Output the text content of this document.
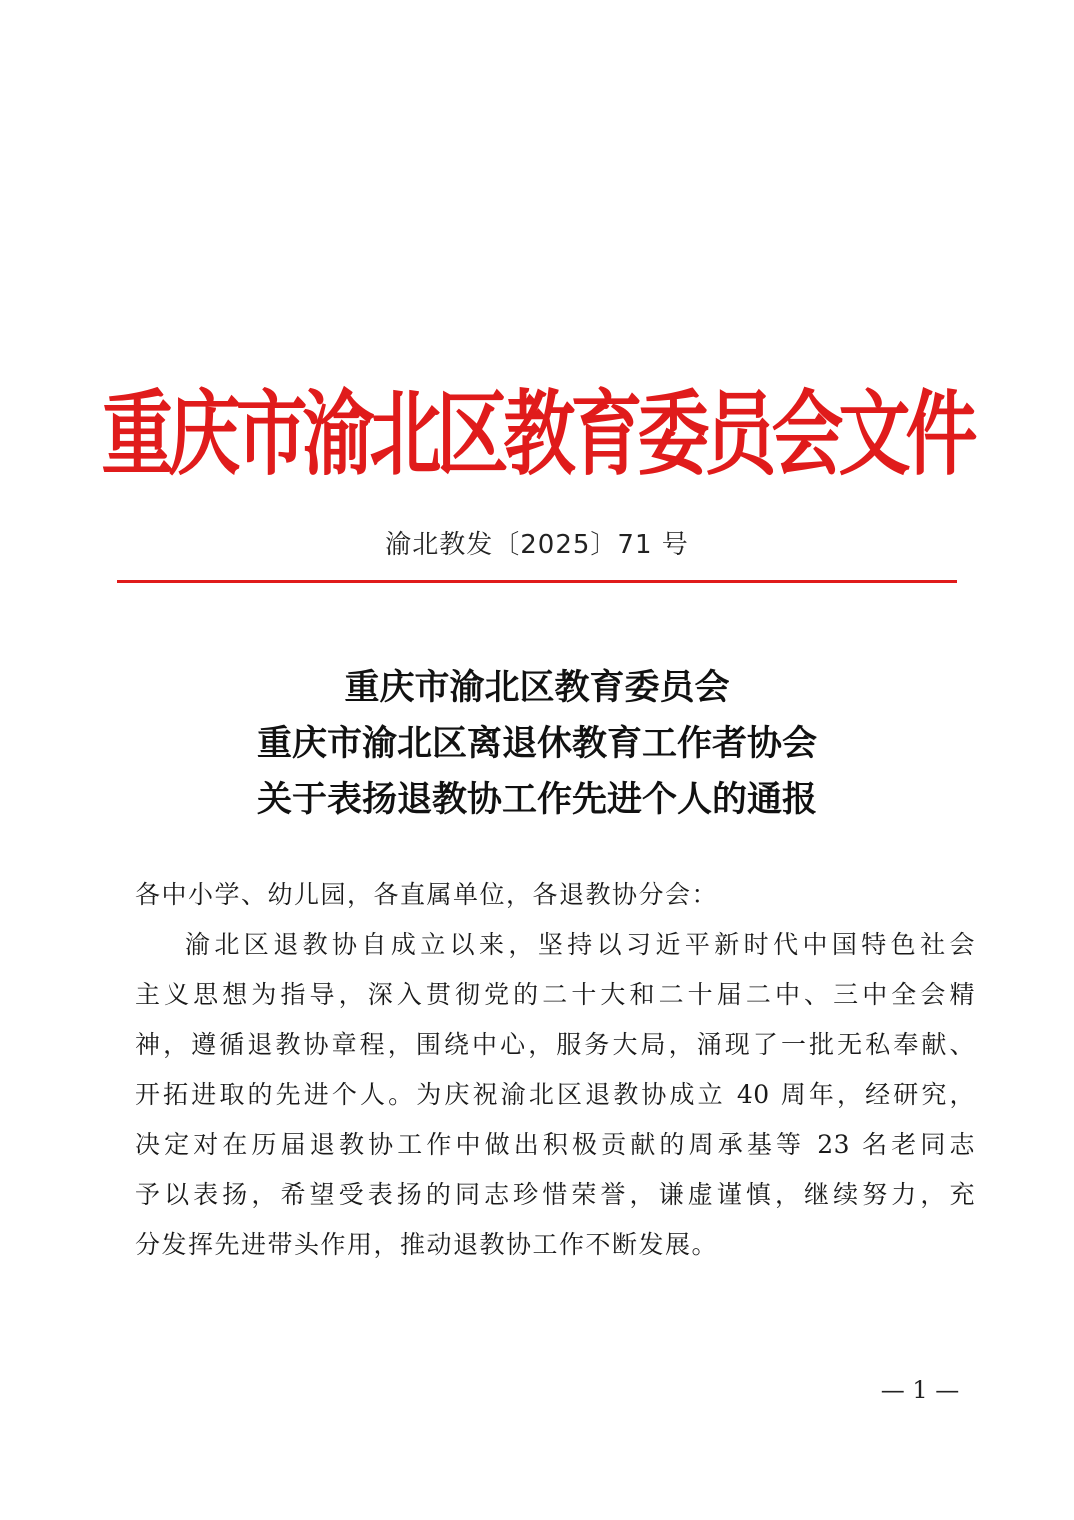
重庆市渝北区教育委员会文件
渝北教发〔2025〕71 号
重庆市渝北区教育委员会
重庆市渝北区离退休教育工作者协会
关于表扬退教协工作先进个人的通报
各中小学、幼儿园，各直属单位，各退教协分会：
渝北区退教协自成立以来，坚持以习近平新时代中国特色社会
主义思想为指导，深入贯彻党的二十大和二十届二中、三中全会精
神，遵循退教协章程，围绕中心，服务大局，涌现了一批无私奉献、
开拓进取的先进个人。为庆祝渝北区退教协成立 40 周年，经研究，
决定对在历届退教协工作中做出积极贡献的周承基等 23 名老同志
予以表扬，希望受表扬的同志珍惜荣誉，谦虚谨慎，继续努力，充
分发挥先进带头作用，推动退教协工作不断发展。
— 1 —
